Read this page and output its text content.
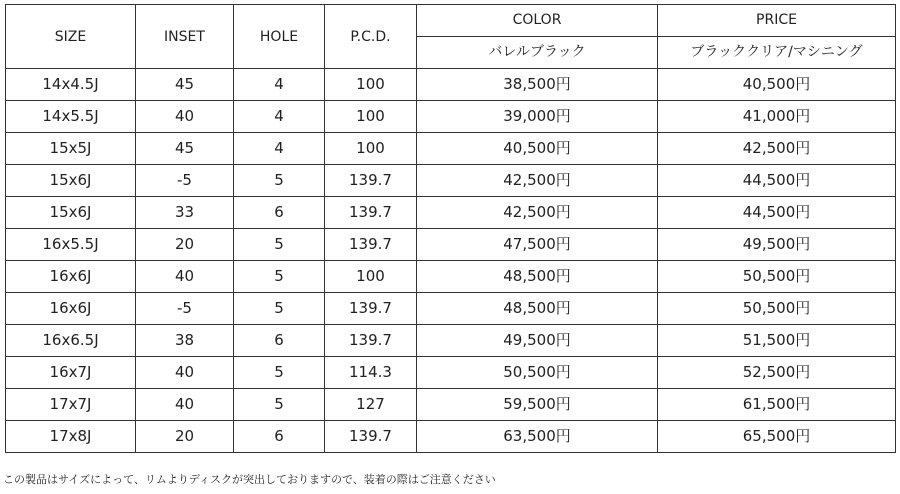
SIZE	INSET	HOLE	P.C.D.	COLOR	PRICE
				バレルブラック	ブラッククリア/マシニング
14x4.5J	45	4	100	38,500円	40,500円
14x5.5J	40	4	100	39,000円	41,000円
15x5J	45	4	100	40,500円	42,500円
15x6J	-5	5	139.7	42,500円	44,500円
15x6J	33	6	139.7	42,500円	44,500円
16x5.5J	20	5	139.7	47,500円	49,500円
16x6J	40	5	100	48,500円	50,500円
16x6J	-5	5	139.7	48,500円	50,500円
16x6.5J	38	6	139.7	49,500円	51,500円
16x7J	40	5	114.3	50,500円	52,500円
17x7J	40	5	127	59,500円	61,500円
17x8J	20	6	139.7	63,500円	65,500円
この製品はサイズによって、リムよりディスクが突出しておりますので、装着の際はご注意ください
